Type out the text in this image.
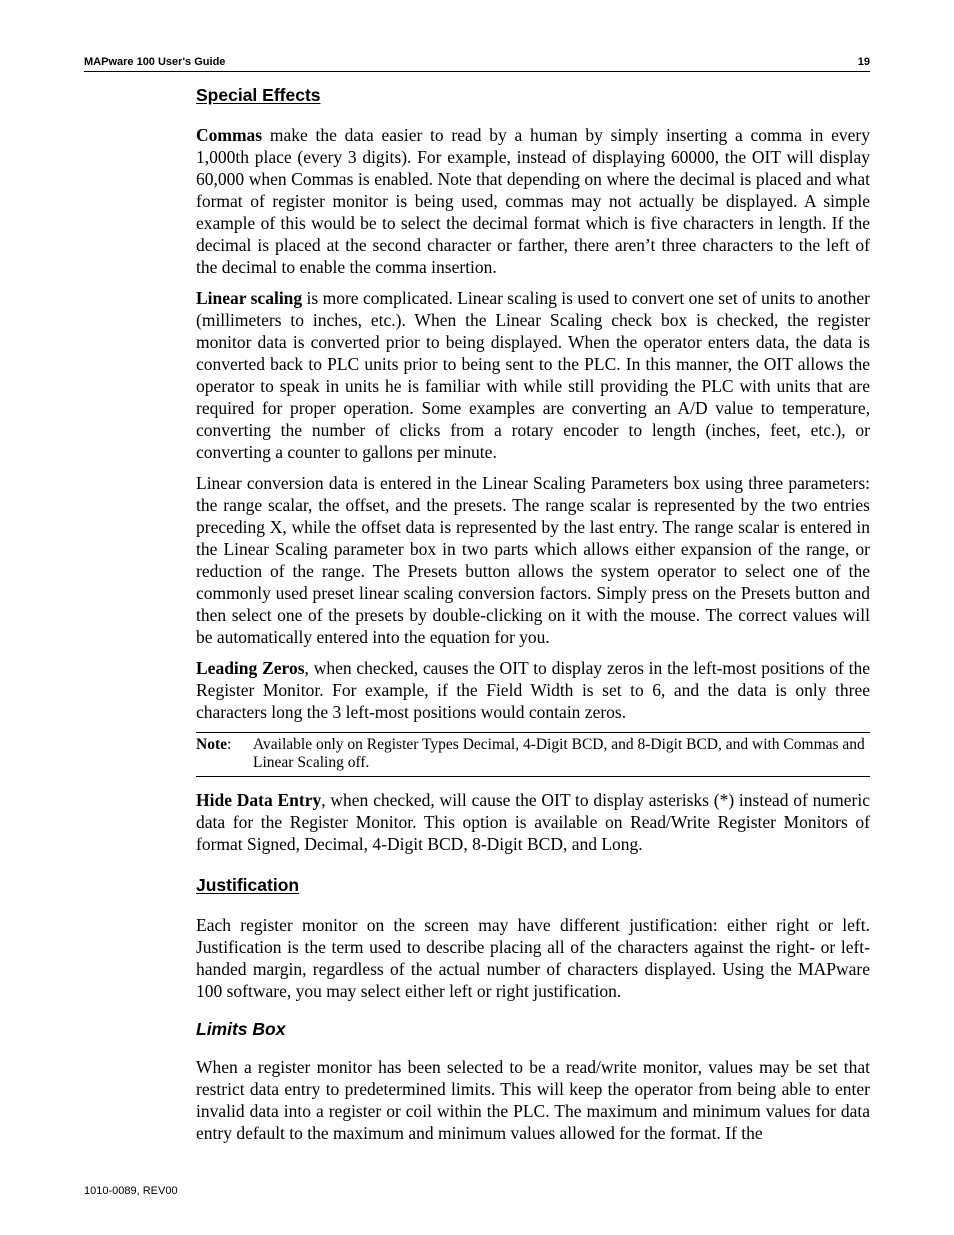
MAPware 100 User's Guide	19
Special Effects

Commas make the data easier to read by a human by simply inserting a comma in every 1,000th place (every 3 digits). For example, instead of displaying 60000, the OIT will display 60,000 when Commas is enabled. Note that depending on where the decimal is placed and what format of register monitor is being used, commas may not actually be displayed. A simple example of this would be to select the decimal format which is five characters in length. If the decimal is placed at the second character or farther, there aren’t three characters to the left of the decimal to enable the comma insertion.

Linear scaling is more complicated. Linear scaling is used to convert one set of units to another (millimeters to inches, etc.). When the Linear Scaling check box is checked, the register monitor data is converted prior to being displayed. When the operator enters data, the data is converted back to PLC units prior to being sent to the PLC. In this manner, the OIT allows the operator to speak in units he is familiar with while still providing the PLC with units that are required for proper operation. Some examples are converting an A/D value to temperature, converting the number of clicks from a rotary encoder to length (inches, feet, etc.), or converting a counter to gallons per minute.

Linear conversion data is entered in the Linear Scaling Parameters box using three parameters: the range scalar, the offset, and the presets. The range scalar is represented by the two entries preceding X, while the offset data is represented by the last entry. The range scalar is entered in the Linear Scaling parameter box in two parts which allows either expansion of the range, or reduction of the range. The Presets button allows the system operator to select one of the commonly used preset linear scaling conversion factors. Simply press on the Presets button and then select one of the presets by double-clicking on it with the mouse. The correct values will be automatically entered into the equation for you.

Leading Zeros, when checked, causes the OIT to display zeros in the left-most positions of the Register Monitor. For example, if the Field Width is set to 6, and the data is only three characters long the 3 left-most positions would contain zeros.

Note: Available only on Register Types Decimal, 4-Digit BCD, and 8-Digit BCD, and with Commas and Linear Scaling off.

Hide Data Entry, when checked, will cause the OIT to display asterisks (*) instead of numeric data for the Register Monitor. This option is available on Read/Write Register Monitors of format Signed, Decimal, 4-Digit BCD, 8-Digit BCD, and Long.

Justification

Each register monitor on the screen may have different justification: either right or left. Justification is the term used to describe placing all of the characters against the right- or left-handed margin, regardless of the actual number of characters displayed. Using the MAPware 100 software, you may select either left or right justification.

Limits Box

When a register monitor has been selected to be a read/write monitor, values may be set that restrict data entry to predetermined limits. This will keep the operator from being able to enter invalid data into a register or coil within the PLC. The maximum and minimum values for data entry default to the maximum and minimum values allowed for the format. If the

1010-0089, REV00
